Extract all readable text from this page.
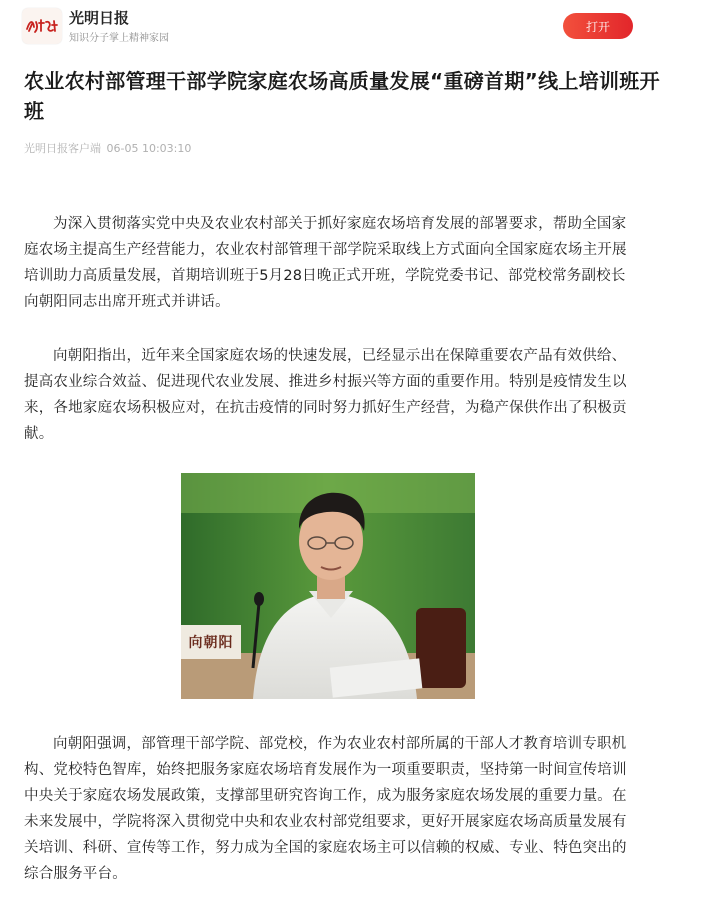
光明日报
知识分子掌上精神家园
打开
农业农村部管理干部学院家庭农场高质量发展“重磅首期”线上培训班开班
光明日报客户端 06-05 10:03:10

为深入贯彻落实党中央及农业农村部关于抓好家庭农场培育发展的部署要求，帮助全国家庭农场主提高生产经营能力，农业农村部管理干部学院采取线上方式面向全国家庭农场主开展培训助力高质量发展，首期培训班于5月28日晚正式开班，学院党委书记、部党校常务副校长向朝阳同志出席开班式并讲话。

向朝阳指出，近年来全国家庭农场的快速发展，已经显示出在保障重要农产品有效供给、提高农业综合效益、促进现代农业发展、推进乡村振兴等方面的重要作用。特别是疫情发生以来，各地家庭农场积极应对，在抗击疫情的同时努力抓好生产经营，为稳产保供作出了积极贡献。

向朝阳

向朝阳强调，部管理干部学院、部党校，作为农业农村部所属的干部人才教育培训专职机构、党校特色智库，始终把服务家庭农场培育发展作为一项重要职责，坚持第一时间宣传培训中央关于家庭农场发展政策，支撑部里研究咨询工作，成为服务家庭农场发展的重要力量。在未来发展中，学院将深入贯彻党中央和农业农村部党组要求，更好开展家庭农场高质量发展有关培训、科研、宣传等工作，努力成为全国的家庭农场主可以信赖的权威、专业、特色突出的综合服务平台。
